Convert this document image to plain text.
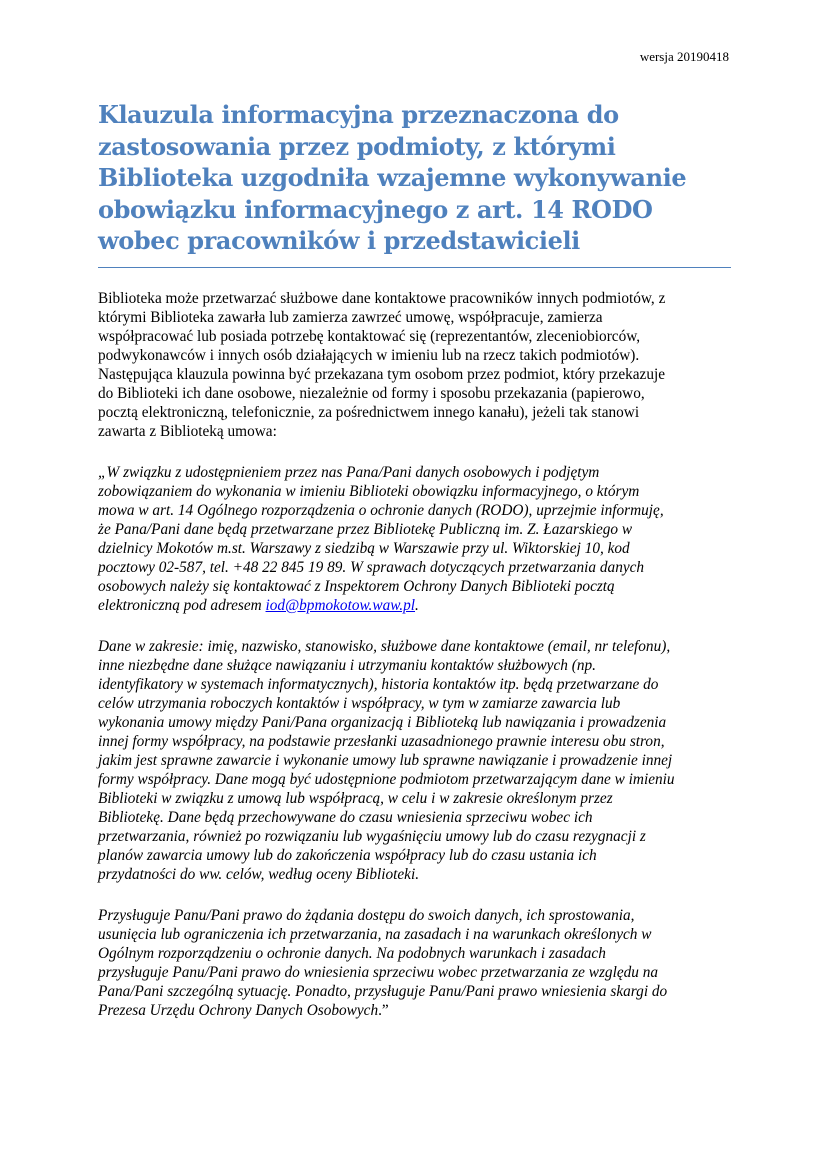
wersja 20190418
Klauzula informacyjna przeznaczona do
zastosowania przez podmioty, z którymi
Biblioteka uzgodniła wzajemne wykonywanie
obowiązku informacyjnego z art. 14 RODO
wobec pracowników i przedstawicieli

Biblioteka może przetwarzać służbowe dane kontaktowe pracowników innych podmiotów, z
którymi Biblioteka zawarła lub zamierza zawrzeć umowę, współpracuje, zamierza
współpracować lub posiada potrzebę kontaktować się (reprezentantów, zleceniobiorców,
podwykonawców i innych osób działających w imieniu lub na rzecz takich podmiotów).
Następująca klauzula powinna być przekazana tym osobom przez podmiot, który przekazuje
do Biblioteki ich dane osobowe, niezależnie od formy i sposobu przekazania (papierowo,
pocztą elektroniczną, telefonicznie, za pośrednictwem innego kanału), jeżeli tak stanowi
zawarta z Biblioteką umowa:

„W związku z udostępnieniem przez nas Pana/Pani danych osobowych i podjętym
zobowiązaniem do wykonania w imieniu Biblioteki obowiązku informacyjnego, o którym
mowa w art. 14 Ogólnego rozporządzenia o ochronie danych (RODO), uprzejmie informuję,
że Pana/Pani dane będą przetwarzane przez Bibliotekę Publiczną im. Z. Łazarskiego w
dzielnicy Mokotów m.st. Warszawy z siedzibą w Warszawie przy ul. Wiktorskiej 10, kod
pocztowy 02-587, tel. +48 22 845 19 89. W sprawach dotyczących przetwarzania danych
osobowych należy się kontaktować z Inspektorem Ochrony Danych Biblioteki pocztą
elektroniczną pod adresem iod@bpmokotow.waw.pl.

Dane w zakresie: imię, nazwisko, stanowisko, służbowe dane kontaktowe (email, nr telefonu),
inne niezbędne dane służące nawiązaniu i utrzymaniu kontaktów służbowych (np.
identyfikatory w systemach informatycznych), historia kontaktów itp. będą przetwarzane do
celów utrzymania roboczych kontaktów i współpracy, w tym w zamiarze zawarcia lub
wykonania umowy między Pani/Pana organizacją i Biblioteką lub nawiązania i prowadzenia
innej formy współpracy, na podstawie przesłanki uzasadnionego prawnie interesu obu stron,
jakim jest sprawne zawarcie i wykonanie umowy lub sprawne nawiązanie i prowadzenie innej
formy współpracy. Dane mogą być udostępnione podmiotom przetwarzającym dane w imieniu
Biblioteki w związku z umową lub współpracą, w celu i w zakresie określonym przez
Bibliotekę. Dane będą przechowywane do czasu wniesienia sprzeciwu wobec ich
przetwarzania, również po rozwiązaniu lub wygaśnięciu umowy lub do czasu rezygnacji z
planów zawarcia umowy lub do zakończenia współpracy lub do czasu ustania ich
przydatności do ww. celów, według oceny Biblioteki.

Przysługuje Panu/Pani prawo do żądania dostępu do swoich danych, ich sprostowania,
usunięcia lub ograniczenia ich przetwarzania, na zasadach i na warunkach określonych w
Ogólnym rozporządzeniu o ochronie danych. Na podobnych warunkach i zasadach
przysługuje Panu/Pani prawo do wniesienia sprzeciwu wobec przetwarzania ze względu na
Pana/Pani szczególną sytuację. Ponadto, przysługuje Panu/Pani prawo wniesienia skargi do
Prezesa Urzędu Ochrony Danych Osobowych.”
